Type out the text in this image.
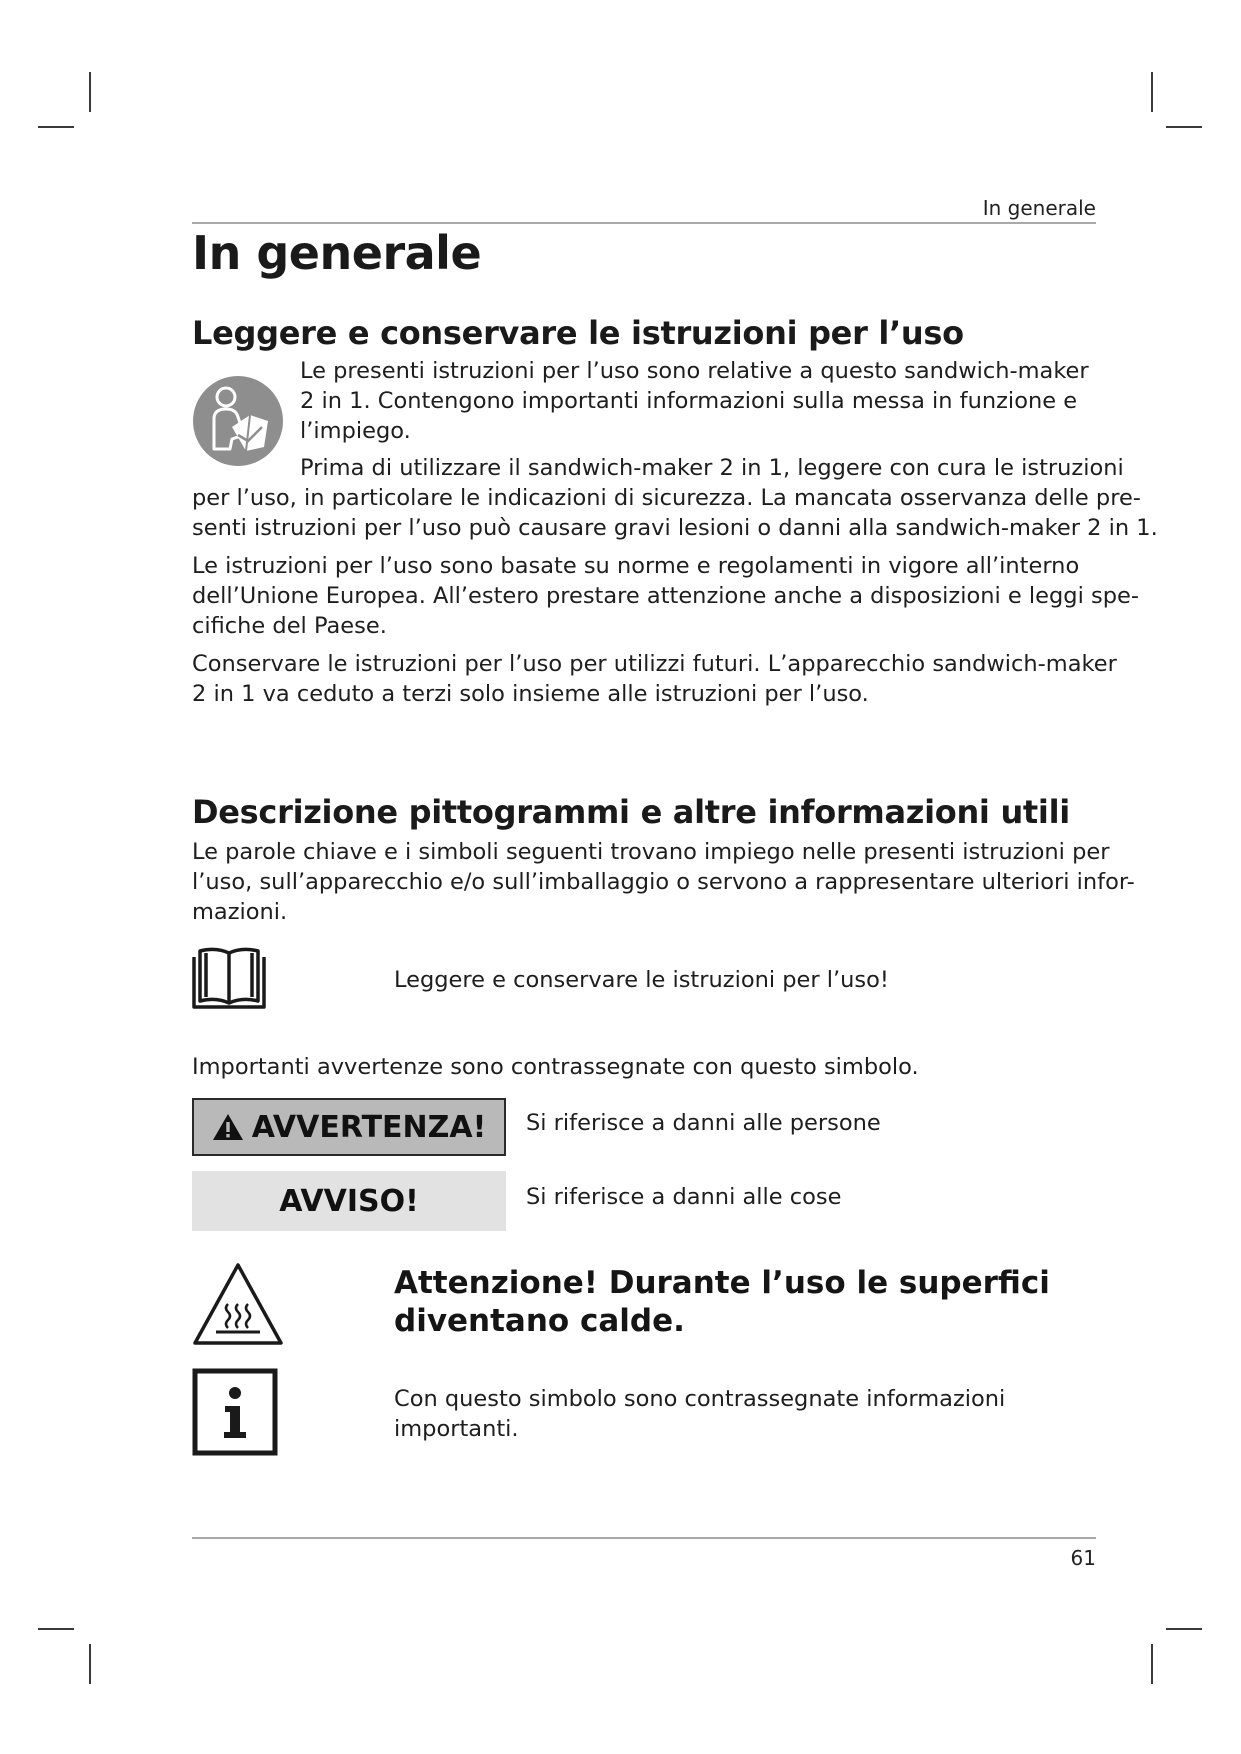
In generale
In generale
Leggere e conservare le istruzioni per l’uso

Le presenti istruzioni per l’uso sono relative a questo sandwich-maker
2 in 1. Contengono importanti informazioni sulla messa in funzione e
l’impiego.

Prima di utilizzare il sandwich-maker 2 in 1, leggere con cura le istruzioni
per l’uso, in particolare le indicazioni di sicurezza. La mancata osservanza delle pre-
senti istruzioni per l’uso può causare gravi lesioni o danni alla sandwich-maker 2 in 1.

Le istruzioni per l’uso sono basate su norme e regolamenti in vigore all’interno
dell’Unione Europea. All’estero prestare attenzione anche a disposizioni e leggi spe-
cifiche del Paese.

Conservare le istruzioni per l’uso per utilizzi futuri. L’apparecchio sandwich-maker
2 in 1 va ceduto a terzi solo insieme alle istruzioni per l’uso.

Descrizione pittogrammi e altre informazioni utili

Le parole chiave e i simboli seguenti trovano impiego nelle presenti istruzioni per
l’uso, sull’apparecchio e/o sull’imballaggio o servono a rappresentare ulteriori infor-
mazioni.

Leggere e conservare le istruzioni per l’uso!
Importanti avvertenze sono contrassegnate con questo simbolo.
AVVERTENZA! Si riferisce a danni alle persone
AVVISO!	Si riferisce a danni alle cose

Attenzione! Durante l’uso le superfici
diventano calde.

Con questo simbolo sono contrassegnate informazioni
importanti.

61
